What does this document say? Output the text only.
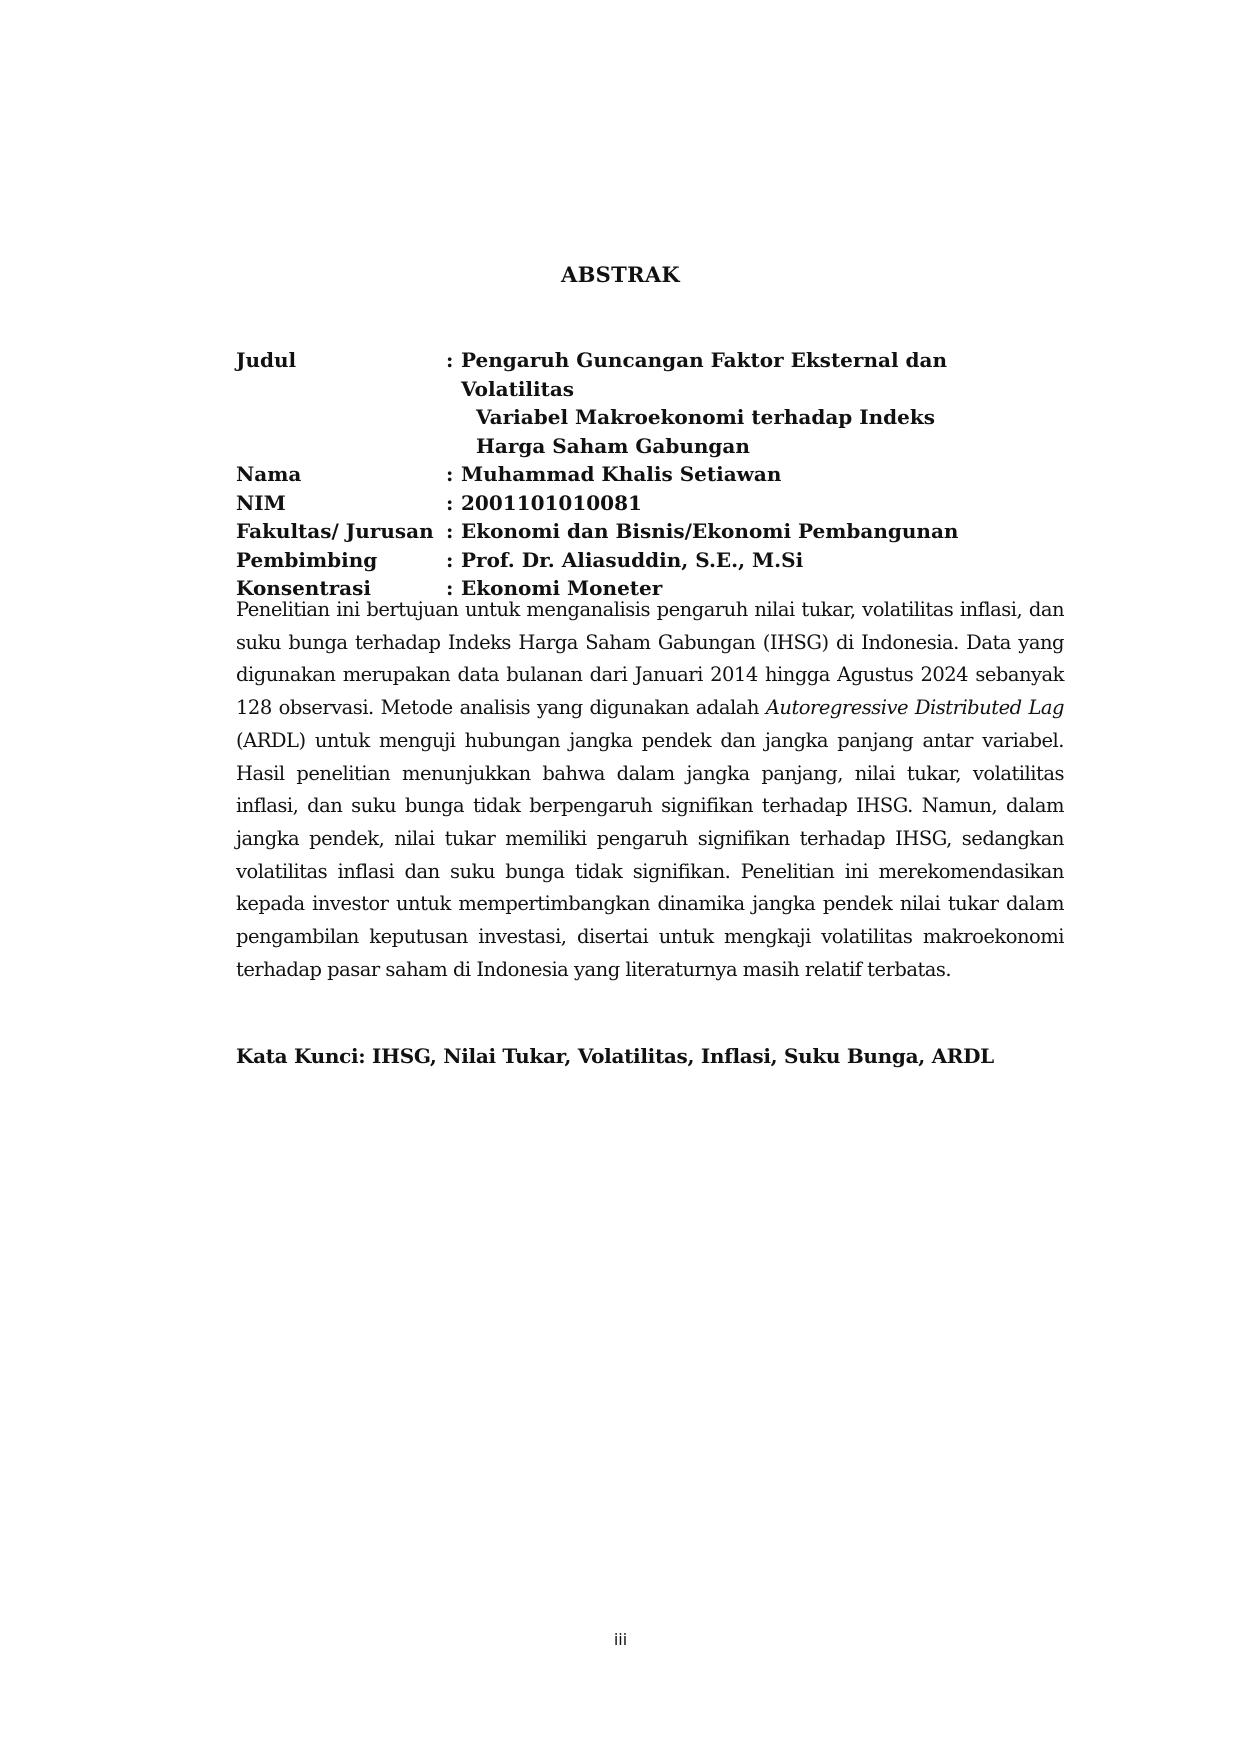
ABSTRAK
Judul	: Pengaruh Guncangan Faktor Eksternal dan Volatilitas
Variabel Makroekonomi terhadap Indeks
Harga Saham Gabungan
Nama	: Muhammad Khalis Setiawan
NIM	: 2001101010081
Fakultas/ Jurusan : Ekonomi dan Bisnis/Ekonomi Pembangunan
Pembimbing	: Prof. Dr. Aliasuddin, S.E., M.Si
Konsentrasi	: Ekonomi Moneter

Penelitian ini bertujuan untuk menganalisis pengaruh nilai tukar, volatilitas inflasi, dan suku bunga terhadap Indeks Harga Saham Gabungan (IHSG) di Indonesia. Data yang digunakan merupakan data bulanan dari Januari 2014 hingga Agustus 2024 sebanyak 128 observasi. Metode analisis yang digunakan adalah Autoregressive Distributed Lag (ARDL) untuk menguji hubungan jangka pendek dan jangka panjang antar variabel. Hasil penelitian menunjukkan bahwa dalam jangka panjang, nilai tukar, volatilitas inflasi, dan suku bunga tidak berpengaruh signifikan terhadap IHSG. Namun, dalam jangka pendek, nilai tukar memiliki pengaruh signifikan terhadap IHSG, sedangkan volatilitas inflasi dan suku bunga tidak signifikan. Penelitian ini merekomendasikan kepada investor untuk mempertimbangkan dinamika jangka pendek nilai tukar dalam pengambilan keputusan investasi, disertai untuk mengkaji volatilitas makroekonomi terhadap pasar saham di Indonesia yang literaturnya masih relatif terbatas.

Kata Kunci: IHSG, Nilai Tukar, Volatilitas, Inflasi, Suku Bunga, ARDL
iii
